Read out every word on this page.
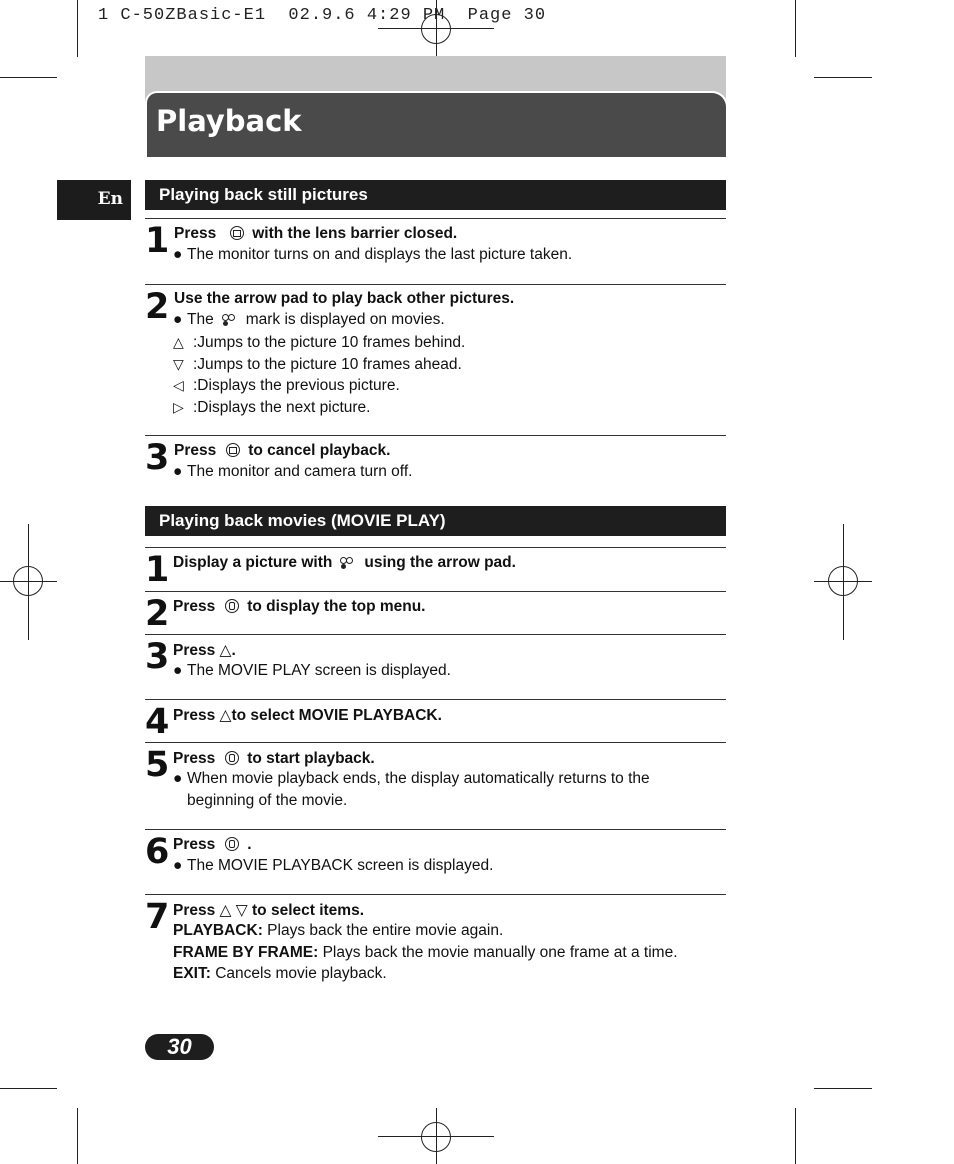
1 C-50ZBasic-E1  02.9.6 4:29 PM  Page 30
Playback
En	Playing back still pictures
1 Press with the lens barrier closed.
● The monitor turns on and displays the last picture taken.
2 Use the arrow pad to play back other pictures.
● The mark is displayed on movies.
△ :Jumps to the picture 10 frames behind.
▽ :Jumps to the picture 10 frames ahead.
◁ :Displays the previous picture.
▷ :Displays the next picture.
3 Press to cancel playback.
● The monitor and camera turn off.
Playing back movies (MOVIE PLAY)
1 Display a picture with using the arrow pad.
2 Press to display the top menu.
3 Press △.
● The MOVIE PLAY screen is displayed.
4 Press △to select MOVIE PLAYBACK.
5 Press to start playback.
● When movie playback ends, the display automatically returns to the
beginning of the movie.
6 Press .
● The MOVIE PLAYBACK screen is displayed.
7 Press △ ▽ to select items.
PLAYBACK: Plays back the entire movie again.
FRAME BY FRAME: Plays back the movie manually one frame at a time.
EXIT: Cancels movie playback.
30
